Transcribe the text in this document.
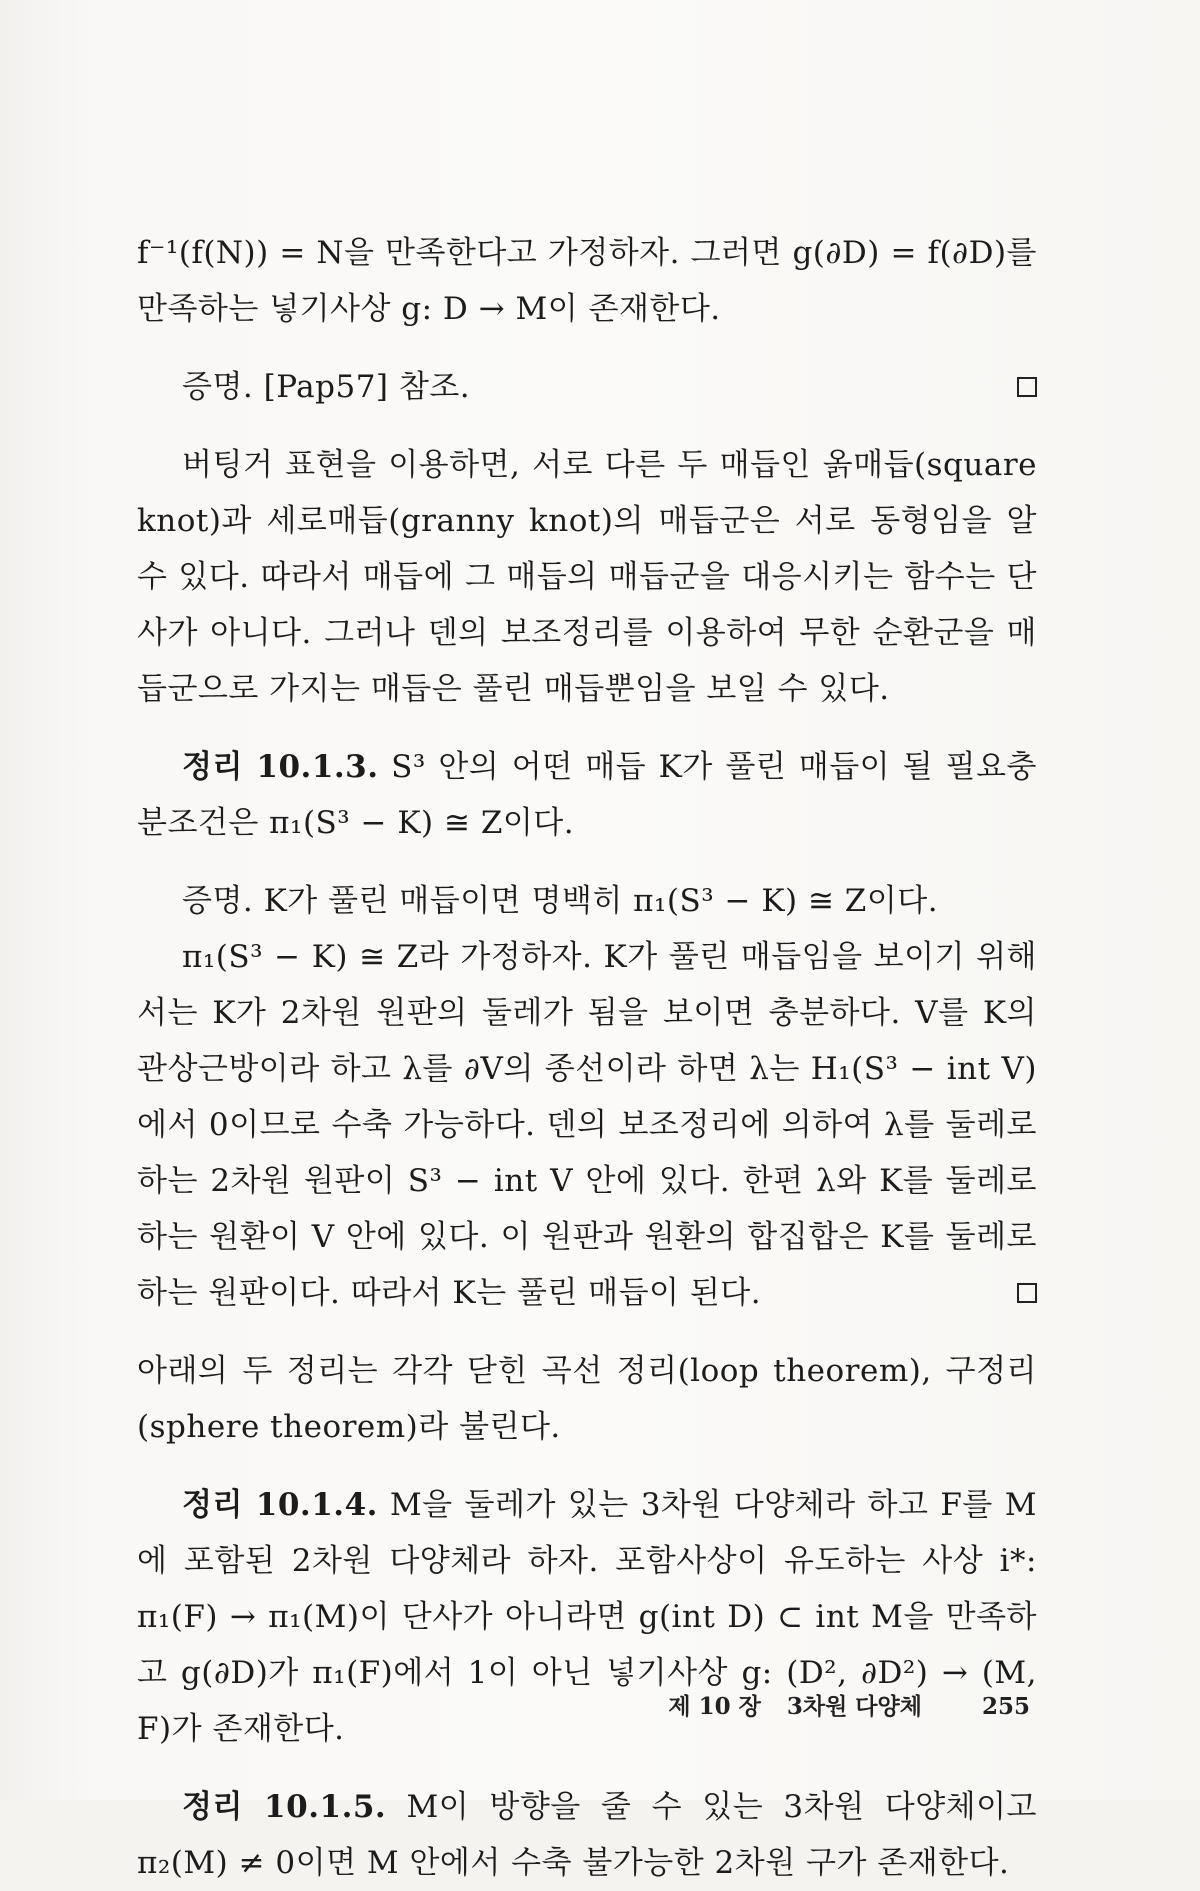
f⁻¹(f(N)) = N을 만족한다고 가정하자. 그러면 g(∂D) = f(∂D)를 만족하는 넣기사상 g: D → M이 존재한다.

증명. [Pap57] 참조.

버팅거 표현을 이용하면, 서로 다른 두 매듭인 옭매듭(square knot)과 세로매듭(granny knot)의 매듭군은 서로 동형임을 알 수 있다. 따라서 매듭에 그 매듭의 매듭군을 대응시키는 함수는 단사가 아니다. 그러나 덴의 보조정리를 이용하여 무한 순환군을 매듭군으로 가지는 매듭은 풀린 매듭뿐임을 보일 수 있다.

정리 10.1.3. S³ 안의 어떤 매듭 K가 풀린 매듭이 될 필요충분조건은 π₁(S³ − K) ≅ Z이다.

증명. K가 풀린 매듭이면 명백히 π₁(S³ − K) ≅ Z이다.

π₁(S³ − K) ≅ Z라 가정하자. K가 풀린 매듭임을 보이기 위해서는 K가 2차원 원판의 둘레가 됨을 보이면 충분하다. V를 K의 관상근방이라 하고 λ를 ∂V의 종선이라 하면 λ는 H₁(S³ − int V)에서 0이므로 수축 가능하다. 덴의 보조정리에 의하여 λ를 둘레로 하는 2차원 원판이 S³ − int V 안에 있다. 한편 λ와 K를 둘레로 하는 원환이 V 안에 있다. 이 원판과 원환의 합집합은 K를 둘레로 하는 원판이다. 따라서 K는 풀린 매듭이 된다.

아래의 두 정리는 각각 닫힌 곡선 정리(loop theorem), 구정리(sphere theorem)라 불린다.

정리 10.1.4. M을 둘레가 있는 3차원 다양체라 하고 F를 M에 포함된 2차원 다양체라 하자. 포함사상이 유도하는 사상 i*: π₁(F) → π₁(M)이 단사가 아니라면 g(int D) ⊂ int M을 만족하고 g(∂D)가 π₁(F)에서 1이 아닌 넣기사상 g: (D², ∂D²) → (M, F)가 존재한다.

정리 10.1.5. M이 방향을 줄 수 있는 3차원 다양체이고 π₂(M) ≠ 0이면 M 안에서 수축 불가능한 2차원 구가 존재한다.

제 10 장 3차원 다양체	255
